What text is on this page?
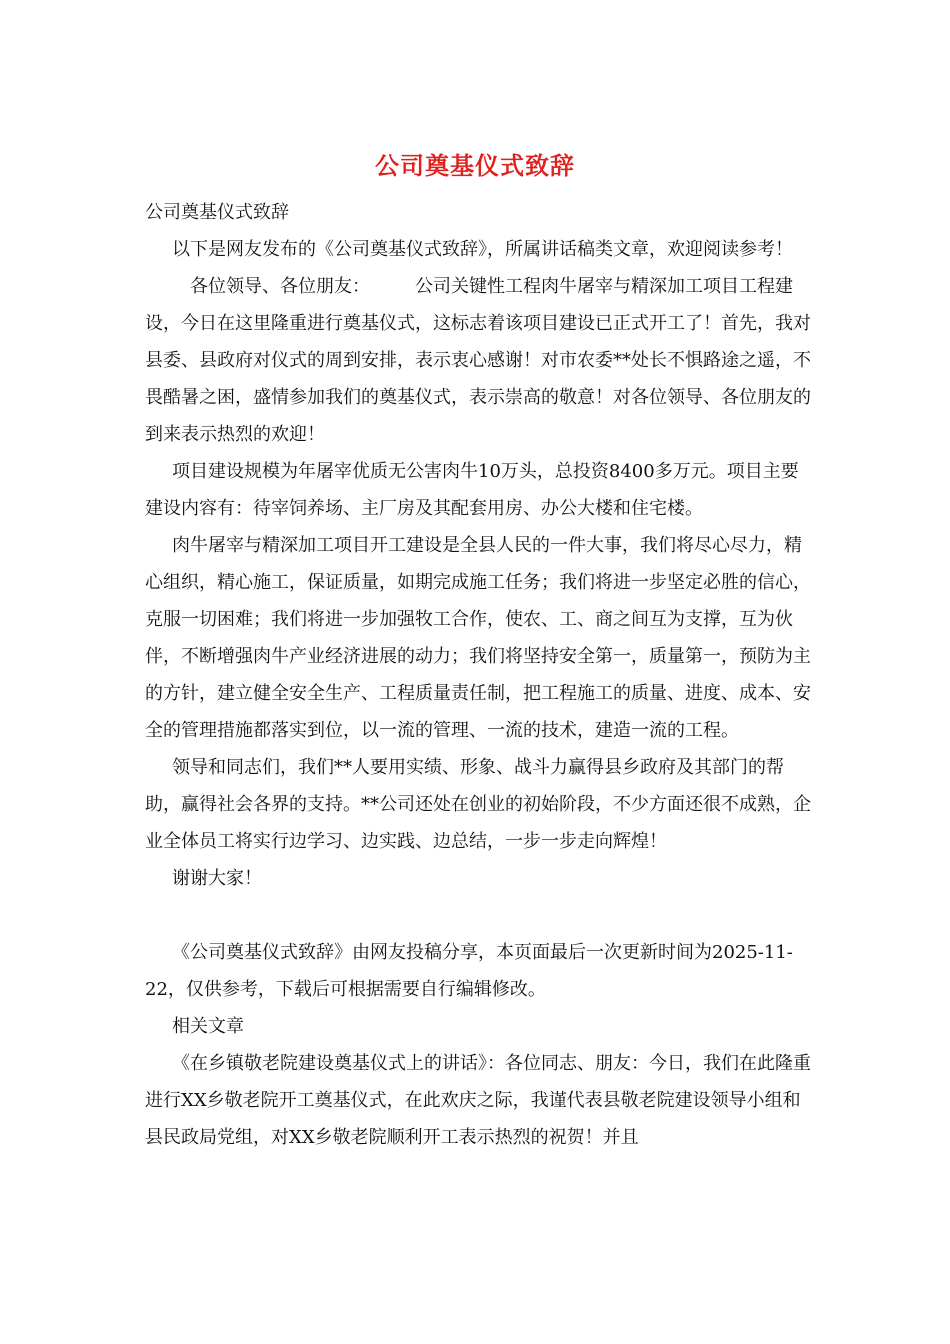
公司奠基仪式致辞

公司奠基仪式致辞

以下是网友发布的《公司奠基仪式致辞》，所属讲话稿类文章，欢迎阅读参考！

　各位领导、各位朋友：　　　公司关键性工程肉牛屠宰与精深加工项目工程建设，今日在这里隆重进行奠基仪式，这标志着该项目建设已正式开工了！首先，我对县委、县政府对仪式的周到安排，表示衷心感谢！对市农委**处长不惧路途之遥，不畏酷暑之困，盛情参加我们的奠基仪式，表示崇高的敬意！对各位领导、各位朋友的到来表示热烈的欢迎！

项目建设规模为年屠宰优质无公害肉牛10万头，总投资8400多万元。项目主要建设内容有：待宰饲养场、主厂房及其配套用房、办公大楼和住宅楼。

肉牛屠宰与精深加工项目开工建设是全县人民的一件大事，我们将尽心尽力，精心组织，精心施工，保证质量，如期完成施工任务；我们将进一步坚定必胜的信心，克服一切困难；我们将进一步加强牧工合作，使农、工、商之间互为支撑，互为伙伴，不断增强肉牛产业经济进展的动力；我们将坚持安全第一，质量第一，预防为主的方针，建立健全安全生产、工程质量责任制，把工程施工的质量、进度、成本、安全的管理措施都落实到位，以一流的管理、一流的技术，建造一流的工程。

领导和同志们，我们**人要用实绩、形象、战斗力赢得县乡政府及其部门的帮助，赢得社会各界的支持。**公司还处在创业的初始阶段，不少方面还很不成熟，企业全体员工将实行边学习、边实践、边总结，一步一步走向辉煌！

谢谢大家！

《公司奠基仪式致辞》由网友投稿分享，本页面最后一次更新时间为2025-11-22，仅供参考，下载后可根据需要自行编辑修改。

相关文章

《在乡镇敬老院建设奠基仪式上的讲话》：各位同志、朋友：今日，我们在此隆重进行XX乡敬老院开工奠基仪式，在此欢庆之际，我谨代表县敬老院建设领导小组和县民政局党组，对XX乡敬老院顺利开工表示热烈的祝贺！并且
